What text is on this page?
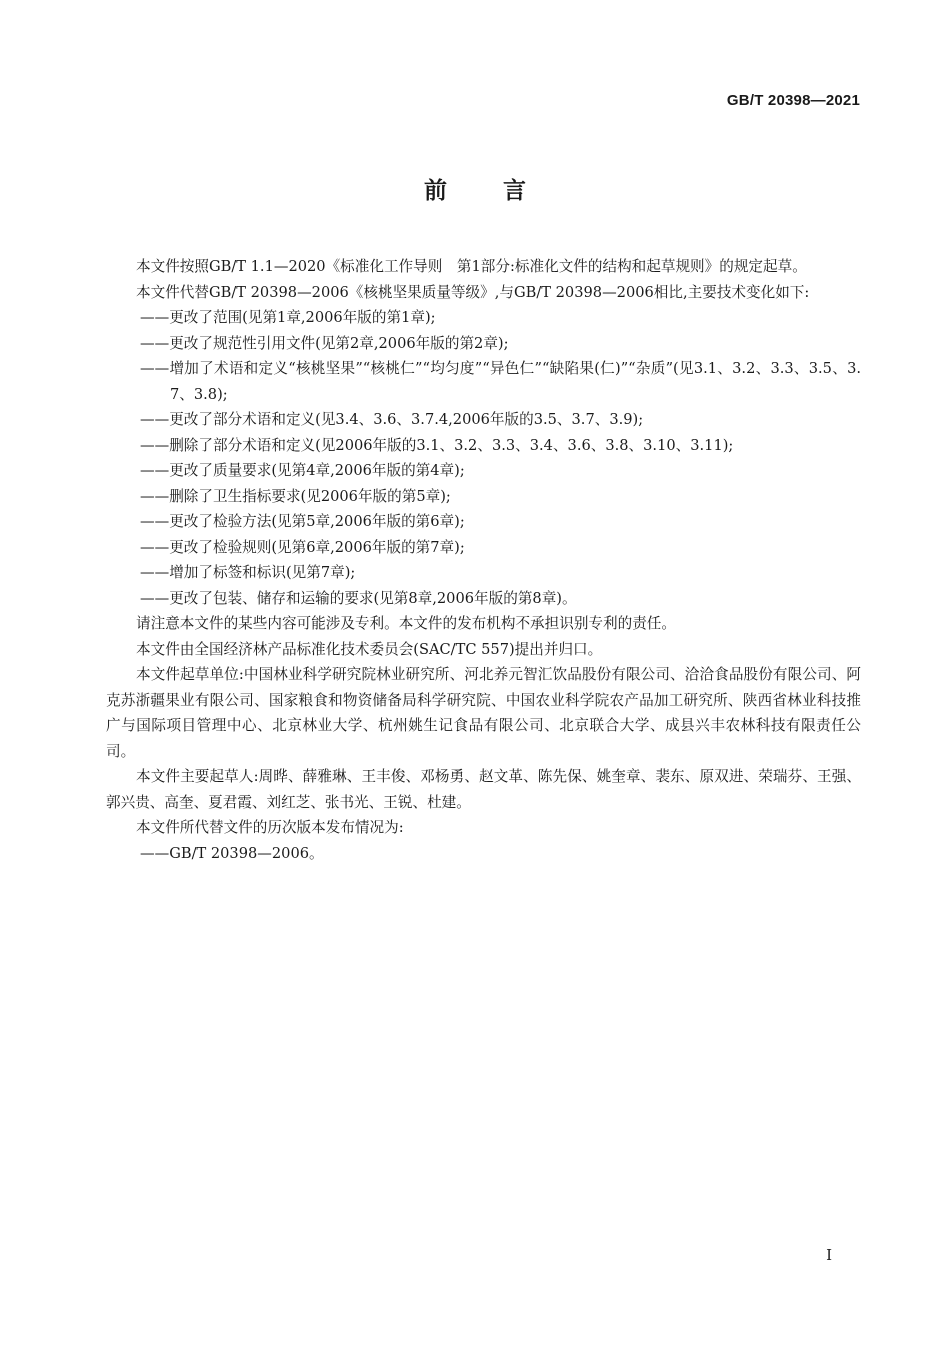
GB/T 20398—2021
前言

本文件按照GB/T 1.1—2020《标准化工作导则　第1部分:标准化文件的结构和起草规则》的规定起草。

本文件代替GB/T 20398—2006《核桃坚果质量等级》,与GB/T 20398—2006相比,主要技术变化如下:

——更改了范围(见第1章,2006年版的第1章);

——更改了规范性引用文件(见第2章,2006年版的第2章);

——增加了术语和定义“核桃坚果”“核桃仁”“均匀度”“异色仁”“缺陷果(仁)”“杂质”(见3.1、3.2、3.3、3.5、3.7、3.8);

——更改了部分术语和定义(见3.4、3.6、3.7.4,2006年版的3.5、3.7、3.9);

——删除了部分术语和定义(见2006年版的3.1、3.2、3.3、3.4、3.6、3.8、3.10、3.11);

——更改了质量要求(见第4章,2006年版的第4章);

——删除了卫生指标要求(见2006年版的第5章);

——更改了检验方法(见第5章,2006年版的第6章);

——更改了检验规则(见第6章,2006年版的第7章);

——增加了标签和标识(见第7章);

——更改了包装、储存和运输的要求(见第8章,2006年版的第8章)。

请注意本文件的某些内容可能涉及专利。本文件的发布机构不承担识别专利的责任。

本文件由全国经济林产品标准化技术委员会(SAC/TC 557)提出并归口。

本文件起草单位:中国林业科学研究院林业研究所、河北养元智汇饮品股份有限公司、洽洽食品股份有限公司、阿克苏浙疆果业有限公司、国家粮食和物资储备局科学研究院、中国农业科学院农产品加工研究所、陕西省林业科技推广与国际项目管理中心、北京林业大学、杭州姚生记食品有限公司、北京联合大学、成县兴丰农林科技有限责任公司。

本文件主要起草人:周晔、薛雅琳、王丰俊、邓杨勇、赵文革、陈先保、姚奎章、裴东、原双进、荣瑞芬、王强、郭兴贵、高奎、夏君霞、刘红芝、张书光、王锐、杜建。

本文件所代替文件的历次版本发布情况为:

——GB/T 20398—2006。

I
